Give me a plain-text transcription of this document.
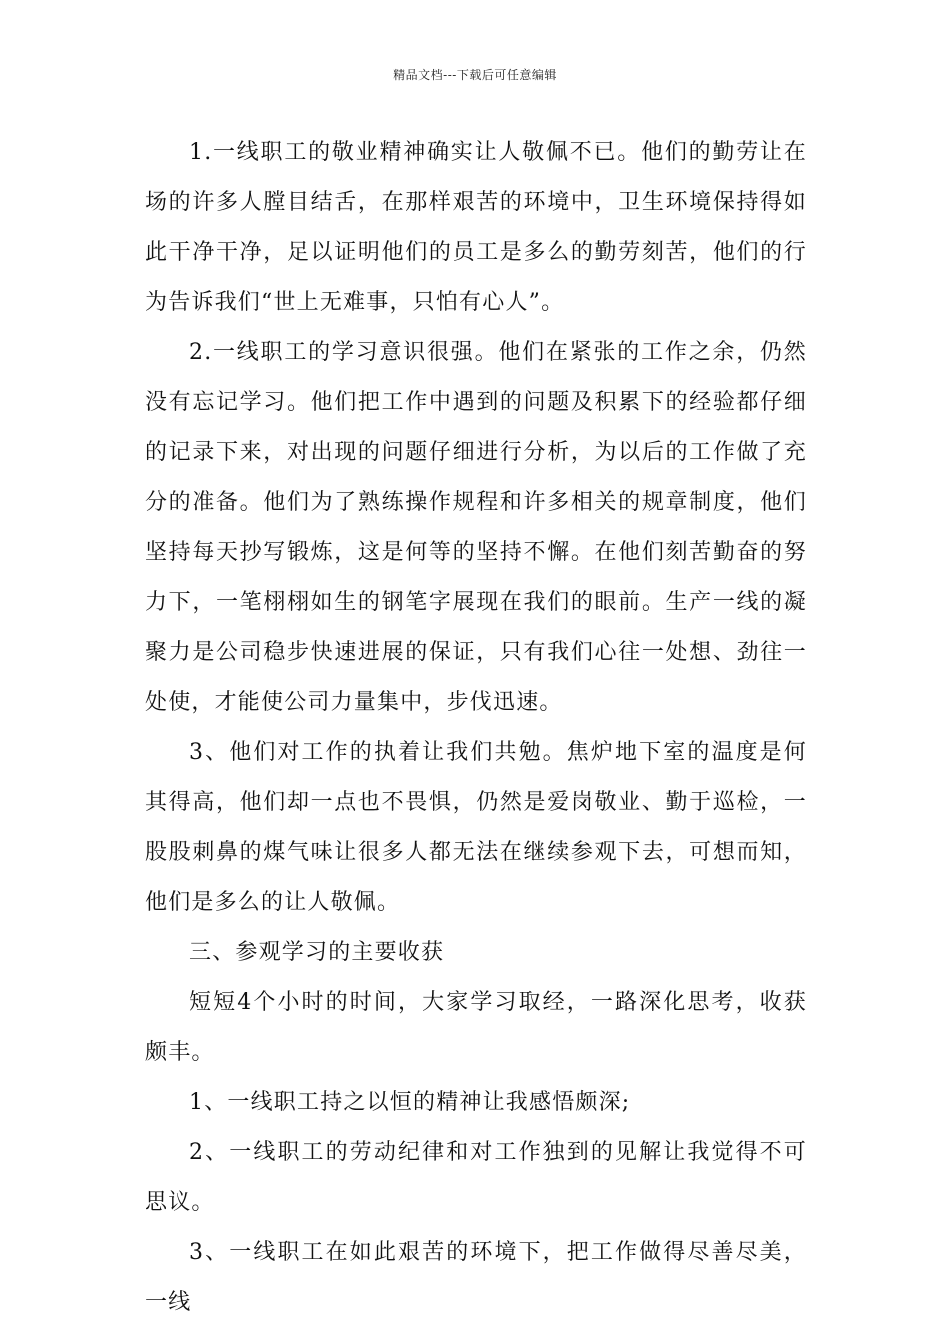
精品文档---下载后可任意编辑

1.一线职工的敬业精神确实让人敬佩不已。他们的勤劳让在场的许多人膛目结舌，在那样艰苦的环境中，卫生环境保持得如此干净干净，足以证明他们的员工是多么的勤劳刻苦，他们的行为告诉我们“世上无难事，只怕有心人”。

2.一线职工的学习意识很强。他们在紧张的工作之余，仍然没有忘记学习。他们把工作中遇到的问题及积累下的经验都仔细的记录下来，对出现的问题仔细进行分析，为以后的工作做了充分的准备。他们为了熟练操作规程和许多相关的规章制度，他们坚持每天抄写锻炼，这是何等的坚持不懈。在他们刻苦勤奋的努力下，一笔栩栩如生的钢笔字展现在我们的眼前。生产一线的凝聚力是公司稳步快速进展的保证，只有我们心往一处想、劲往一处使，才能使公司力量集中，步伐迅速。

3、他们对工作的执着让我们共勉。焦炉地下室的温度是何其得高，他们却一点也不畏惧，仍然是爱岗敬业、勤于巡检，一股股刺鼻的煤气味让很多人都无法在继续参观下去，可想而知，他们是多么的让人敬佩。

三、参观学习的主要收获

短短4个小时的时间，大家学习取经，一路深化思考，收获颇丰。

1、一线职工持之以恒的精神让我感悟颇深;

2、一线职工的劳动纪律和对工作独到的见解让我觉得不可思议。

3、一线职工在如此艰苦的环境下，把工作做得尽善尽美，一线
